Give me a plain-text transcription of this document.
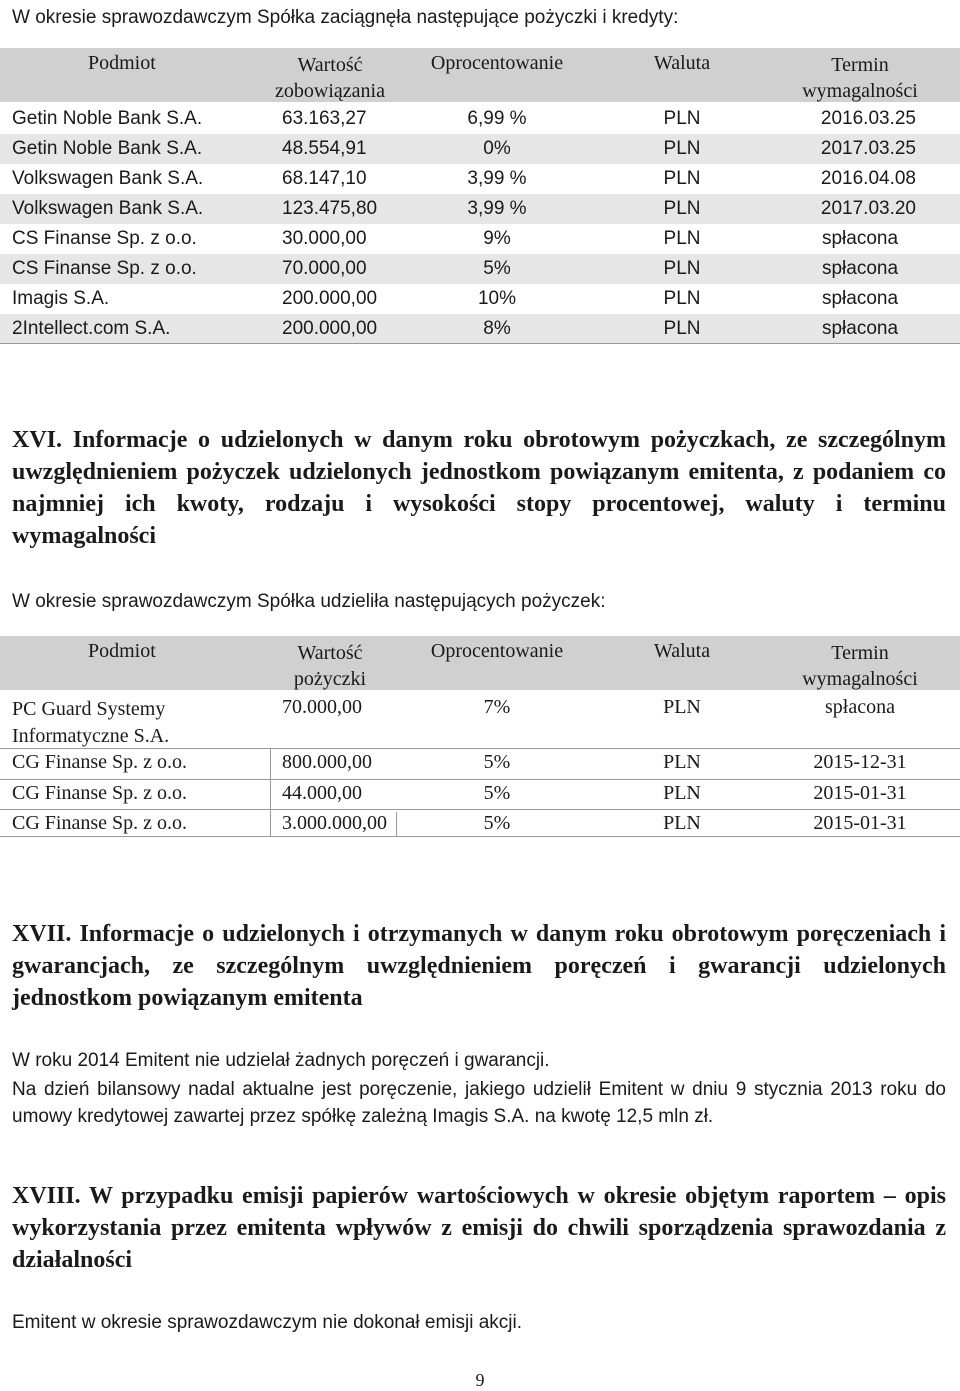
W okresie sprawozdawczym Spółka zaciągnęła następujące pożyczki i kredyty:
Podmiot	Wartość
zobowiązania
Oprocentowanie	Waluta	Termin
wymagalności
Getin Noble Bank S.A.	63.163,27	6,99 %	PLN	2016.03.25
Getin Noble Bank S.A.	48.554,91	0%	PLN	2017.03.25
Volkswagen Bank S.A.	68.147,10	3,99 %	PLN	2016.04.08
Volkswagen Bank S.A.	123.475,80	3,99 %	PLN	2017.03.20
CS Finanse Sp. z o.o.	30.000,00	9%	PLN	spłacona
CS Finanse Sp. z o.o.	70.000,00	5%	PLN	spłacona
Imagis S.A.	200.000,00	10%	PLN	spłacona
2Intellect.com S.A.	200.000,00	8%	PLN	spłacona
XVI. Informacje o udzielonych w danym roku obrotowym pożyczkach, ze szczególnym uwzględnieniem pożyczek udzielonych jednostkom powiązanym emitenta, z podaniem co najmniej ich kwoty, rodzaju i wysokości stopy procentowej, waluty i terminu wymagalności
W okresie sprawozdawczym Spółka udzieliła następujących pożyczek:
Podmiot	Wartość
pożyczki
Oprocentowanie	Waluta	Termin
wymagalności
PC Guard Systemy
Informatyczne S.A.
70.000,00	7%	PLN	spłacona
CG Finanse Sp. z o.o.	800.000,00	5%	PLN	2015-12-31
CG Finanse Sp. z o.o.	44.000,00	5%	PLN	2015-01-31
CG Finanse Sp. z o.o.	3.000.000,00	5%	PLN	2015-01-31
XVII. Informacje o udzielonych i otrzymanych w danym roku obrotowym poręczeniach i gwarancjach, ze szczególnym uwzględnieniem poręczeń i gwarancji udzielonych jednostkom powiązanym emitenta
W roku 2014 Emitent nie udzielał żadnych poręczeń i gwarancji.
Na dzień bilansowy nadal aktualne jest poręczenie, jakiego udzielił Emitent w dniu 9 stycznia 2013 roku do umowy kredytowej zawartej przez spółkę zależną Imagis S.A. na kwotę 12,5 mln zł.
XVIII. W przypadku emisji papierów wartościowych w okresie objętym raportem – opis wykorzystania przez emitenta wpływów z emisji do chwili sporządzenia sprawozdania z działalności
Emitent w okresie sprawozdawczym nie dokonał emisji akcji.
9
